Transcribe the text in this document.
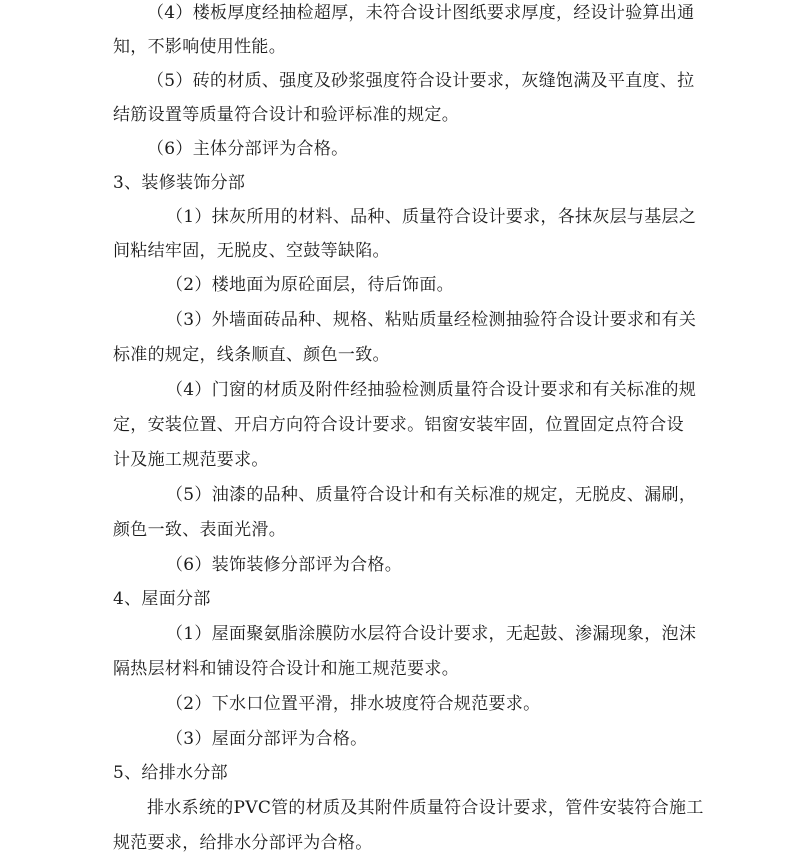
（4）楼板厚度经抽检超厚，未符合设计图纸要求厚度，经设计验算出通
知，不影响使用性能。
（5）砖的材质、强度及砂浆强度符合设计要求，灰缝饱满及平直度、拉
结筋设置等质量符合设计和验评标准的规定。
（6）主体分部评为合格。
3、装修装饰分部
（1）抹灰所用的材料、品种、质量符合设计要求，各抹灰层与基层之
间粘结牢固，无脱皮、空鼓等缺陷。
（2）楼地面为原砼面层，待后饰面。
（3）外墙面砖品种、规格、粘贴质量经检测抽验符合设计要求和有关
标准的规定，线条顺直、颜色一致。
（4）门窗的材质及附件经抽验检测质量符合设计要求和有关标准的规
定，安装位置、开启方向符合设计要求。铝窗安装牢固，位置固定点符合设
计及施工规范要求。
（5）油漆的品种、质量符合设计和有关标准的规定，无脱皮、漏刷，
颜色一致、表面光滑。
（6）装饰装修分部评为合格。
4、屋面分部
（1）屋面聚氨脂涂膜防水层符合设计要求，无起鼓、渗漏现象，泡沫
隔热层材料和铺设符合设计和施工规范要求。
（2）下水口位置平滑，排水坡度符合规范要求。
（3）屋面分部评为合格。
5、给排水分部
排水系统的PVC管的材质及其附件质量符合设计要求，管件安装符合施工
规范要求，给排水分部评为合格。
